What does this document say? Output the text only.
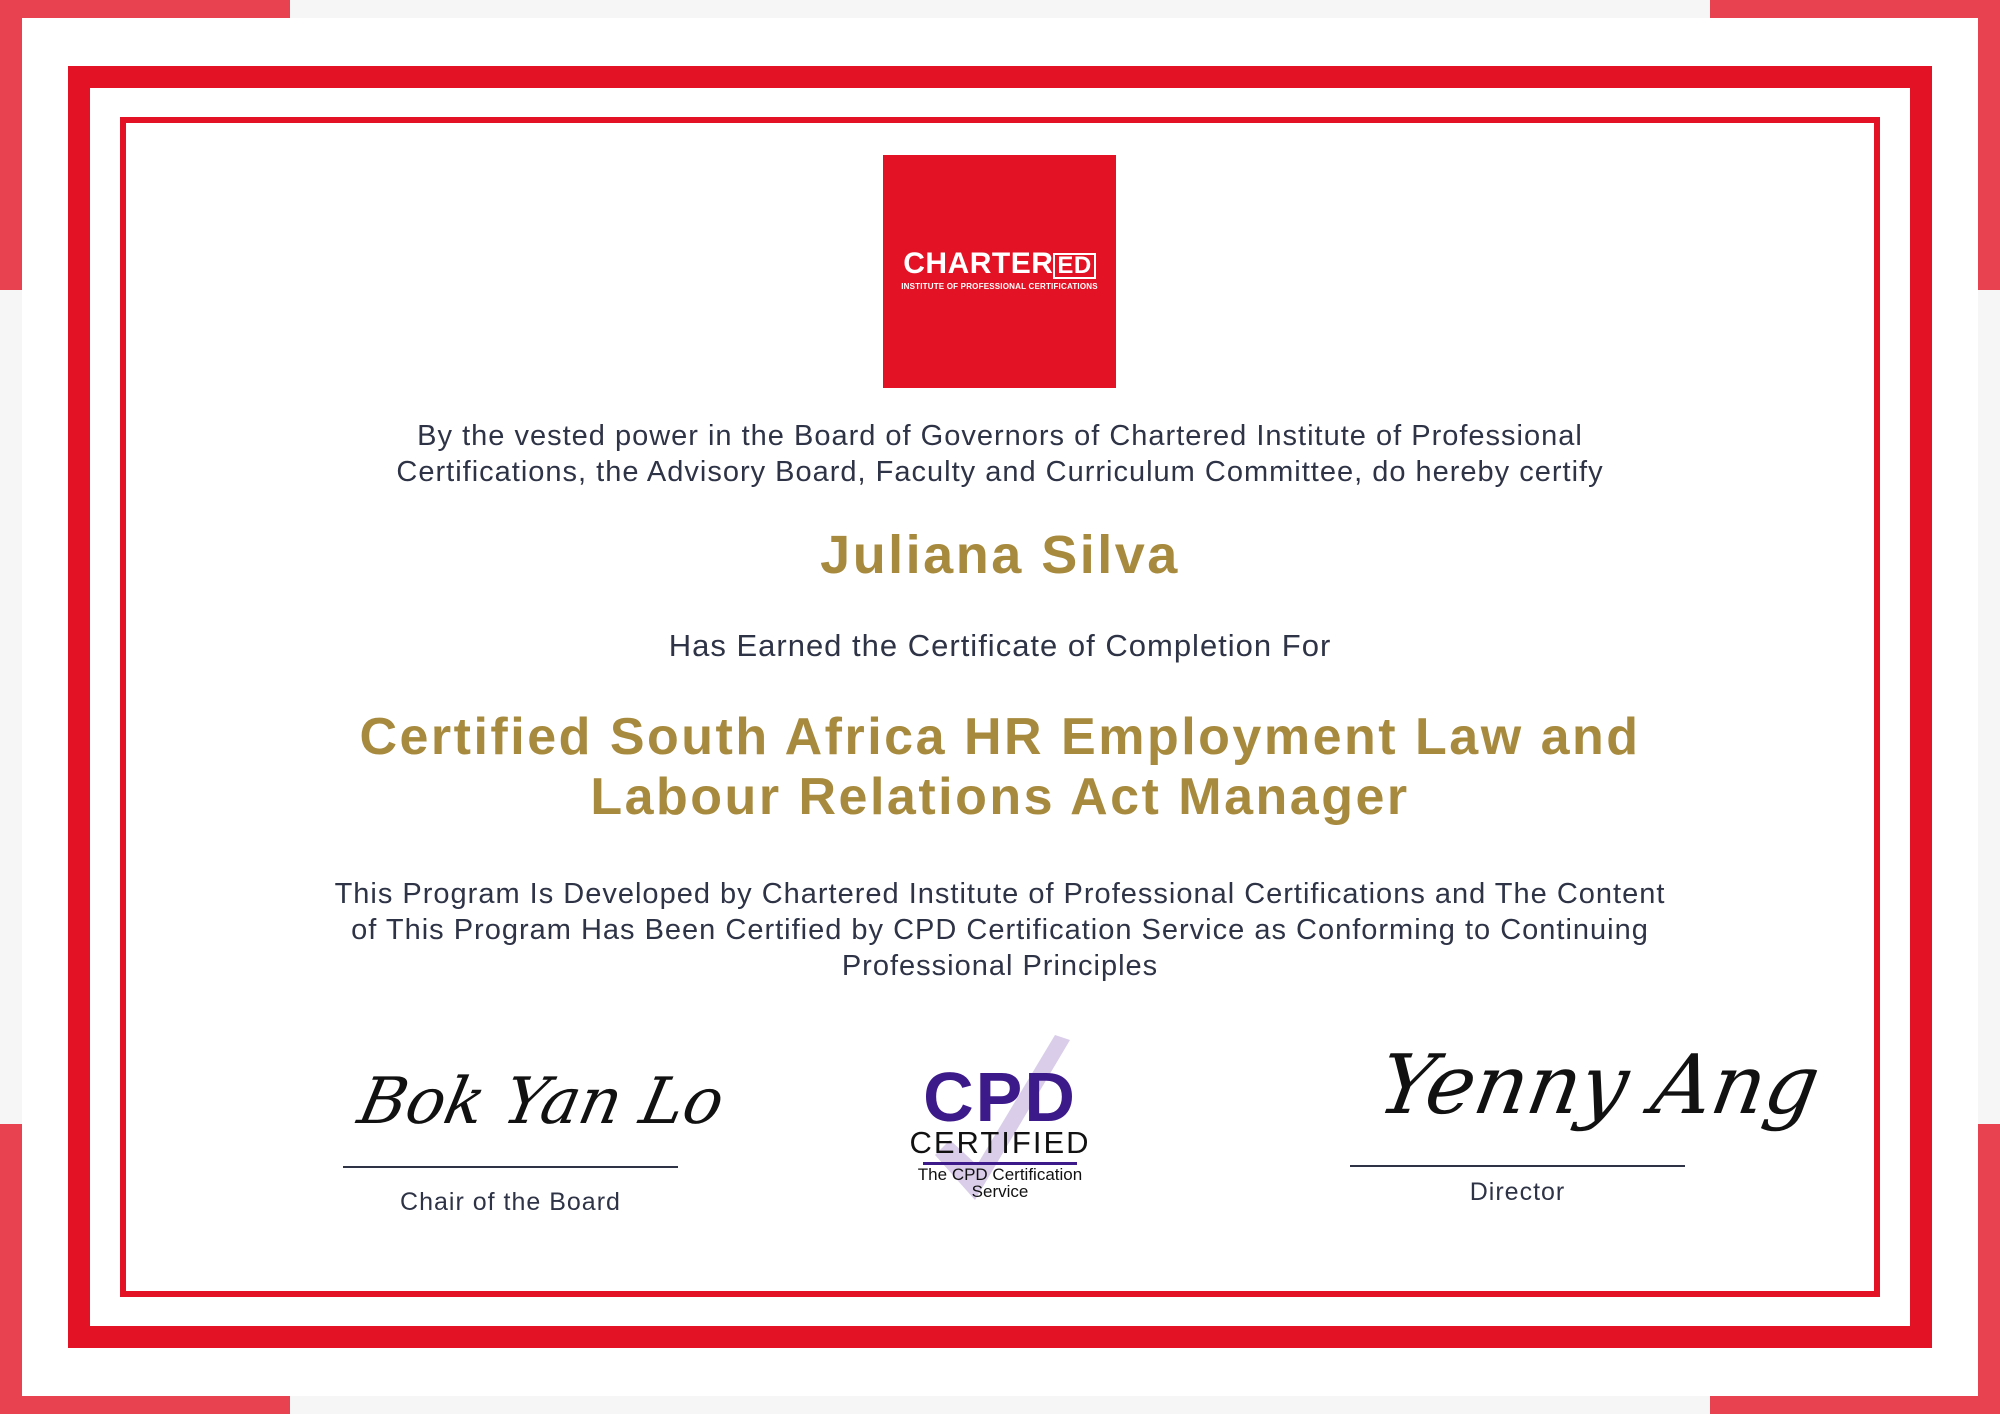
CHARTER ED
INSTITUTE OF PROFESSIONAL CERTIFICATIONS
By the vested power in the Board of Governors of Chartered Institute of Professional
Certifications, the Advisory Board, Faculty and Curriculum Committee, do hereby certify
Juliana Silva
Has Earned the Certificate of Completion For
Certified South Africa HR Employment Law and
Labour Relations Act Manager
This Program Is Developed by Chartered Institute of Professional Certifications and The Content
of This Program Has Been Certified by CPD Certification Service as Conforming to Continuing
Professional Principles
Bok Yan Lo
Chair of the Board
CPD
CERTIFIED
The CPD Certification
Service
Yenny Ang
Director
